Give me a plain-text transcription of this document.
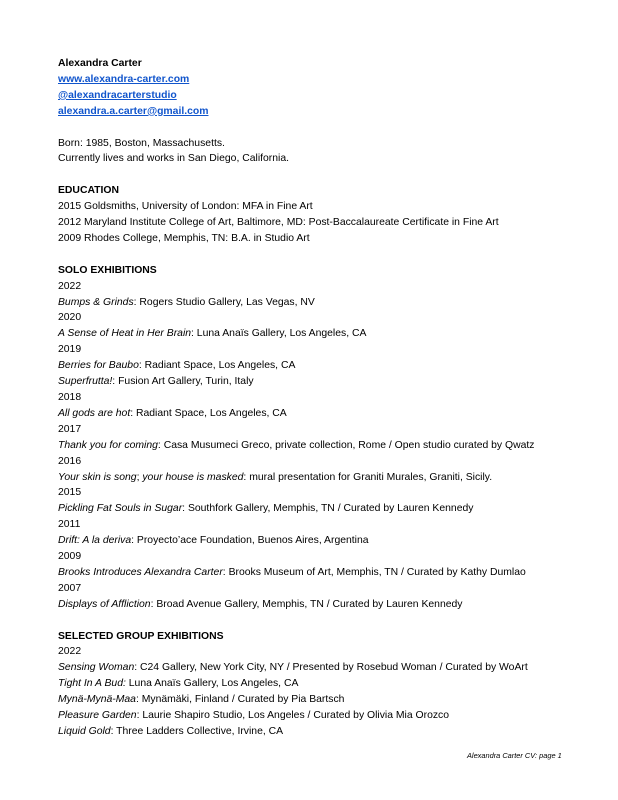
Alexandra Carter
www.alexandra-carter.com
@alexandracarterstudio
alexandra.a.carter@gmail.com
Born: 1985, Boston, Massachusetts.
Currently lives and works in San Diego, California.
EDUCATION
2015 Goldsmiths, University of London: MFA in Fine Art
2012 Maryland Institute College of Art, Baltimore, MD: Post-Baccalaureate Certificate in Fine Art
2009 Rhodes College, Memphis, TN: B.A. in Studio Art
SOLO EXHIBITIONS
2022
Bumps & Grinds: Rogers Studio Gallery, Las Vegas, NV
2020
A Sense of Heat in Her Brain: Luna Anaïs Gallery, Los Angeles, CA
2019
Berries for Baubo: Radiant Space, Los Angeles, CA
Superfrutta!: Fusion Art Gallery, Turin, Italy
2018
All gods are hot: Radiant Space, Los Angeles, CA
2017
Thank you for coming: Casa Musumeci Greco, private collection, Rome / Open studio curated by Qwatz
2016
Your skin is song; your house is masked: mural presentation for Graniti Murales, Graniti, Sicily.
2015
Pickling Fat Souls in Sugar: Southfork Gallery, Memphis, TN / Curated by Lauren Kennedy
2011
Drift: A la deriva: Proyecto’ace Foundation, Buenos Aires, Argentina
2009
Brooks Introduces Alexandra Carter: Brooks Museum of Art, Memphis, TN / Curated by Kathy Dumlao
2007
Displays of Affliction: Broad Avenue Gallery, Memphis, TN / Curated by Lauren Kennedy
SELECTED GROUP EXHIBITIONS
2022
Sensing Woman: C24 Gallery, New York City, NY / Presented by Rosebud Woman / Curated by WoArt
Tight In A Bud: Luna Anaïs Gallery, Los Angeles, CA
Mynä-Mynä-Maa: Mynämäki, Finland / Curated by Pia Bartsch
Pleasure Garden: Laurie Shapiro Studio, Los Angeles / Curated by Olivia Mia Orozco
Liquid Gold: Three Ladders Collective, Irvine, CA
Alexandra Carter CV: page 1
